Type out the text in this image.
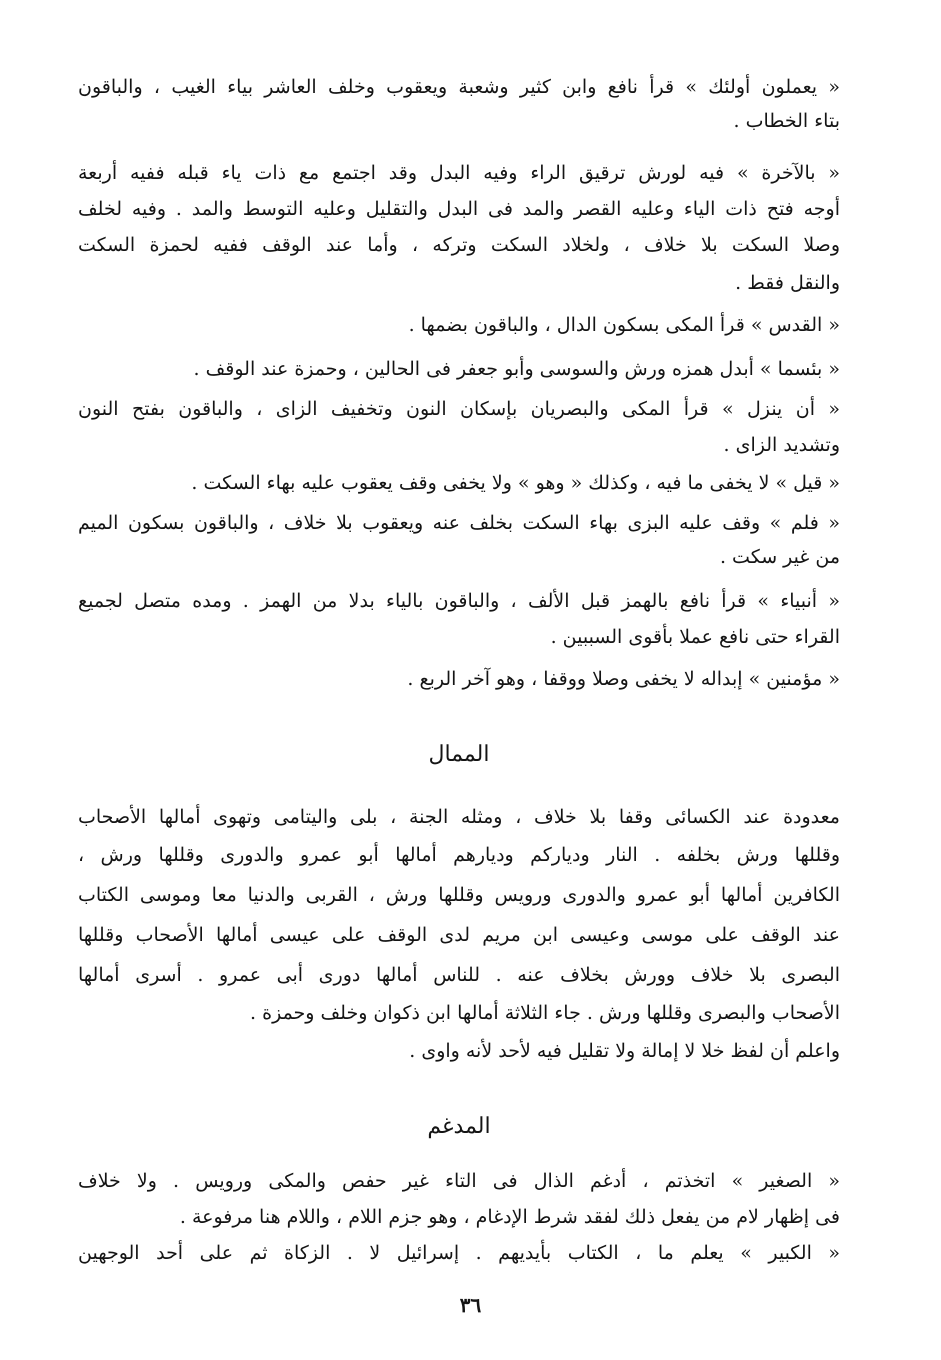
« يعملون أولئك » قرأ نافع وابن كثير وشعبة ويعقوب وخلف العاشر بياء الغيب ، والباقون
بتاء الخطاب .
« بالآخرة » فيه لورش ترقيق الراء وفيه البدل وقد اجتمع مع ذات ياء قبله ففيه أربعة
أوجه فتح ذات الياء وعليه القصر والمد فى البدل والتقليل وعليه التوسط والمد . وفيه لخلف
وصلا السكت بلا خلاف ، ولخلاد السكت وتركه ، وأما عند الوقف ففيه لحمزة السكت
والنقل فقط .
« القدس » قرأ المكى بسكون الدال ، والباقون بضمها .
« بئسما » أبدل همزه ورش والسوسى وأبو جعفر فى الحالين ، وحمزة عند الوقف .
« أن ينزل » قرأ المكى والبصريان بإسكان النون وتخفيف الزاى ، والباقون بفتح النون
وتشديد الزاى .
« قيل » لا يخفى ما فيه ، وكذلك « وهو » ولا يخفى وقف يعقوب عليه بهاء السكت .
« فلم » وقف عليه البزى بهاء السكت بخلف عنه ويعقوب بلا خلاف ، والباقون بسكون الميم
من غير سكت .
« أنبياء » قرأ نافع بالهمز قبل الألف ، والباقون بالياء بدلا من الهمز . ومده متصل لجميع
القراء حتى نافع عملا بأقوى السببين .
« مؤمنين » إبداله لا يخفى وصلا ووقفا ، وهو آخر الربع .
الممال
معدودة عند الكسائى وقفا بلا خلاف ، ومثله الجنة ، بلى واليتامى وتهوى أمالها الأصحاب
وقللها ورش بخلفه . النار ودياركم وديارهم أمالها أبو عمرو والدورى وقللها ورش ،
الكافرين أمالها أبو عمرو والدورى ورويس وقللها ورش ، القربى والدنيا معا وموسى الكتاب
عند الوقف على موسى وعيسى ابن مريم لدى الوقف على عيسى أمالها الأصحاب وقللها
البصرى بلا خلاف وورش بخلاف عنه . للناس أمالها دورى أبى عمرو . أسرى أمالها
الأصحاب والبصرى وقللها ورش . جاء الثلاثة أمالها ابن ذكوان وخلف وحمزة .
واعلم أن لفظ خلا لا إمالة ولا تقليل فيه لأحد لأنه واوى .
المدغم
« الصغير » اتخذتم ، أدغم الذال فى التاء غير حفص والمكى ورويس . ولا خلاف
فى إظهار لام من يفعل ذلك لفقد شرط الإدغام ، وهو جزم اللام ، واللام هنا مرفوعة .
« الكبير » يعلم ما ، الكتاب بأيديهم . إسرائيل لا . الزكاة ثم على أحد الوجهين
٣٦
